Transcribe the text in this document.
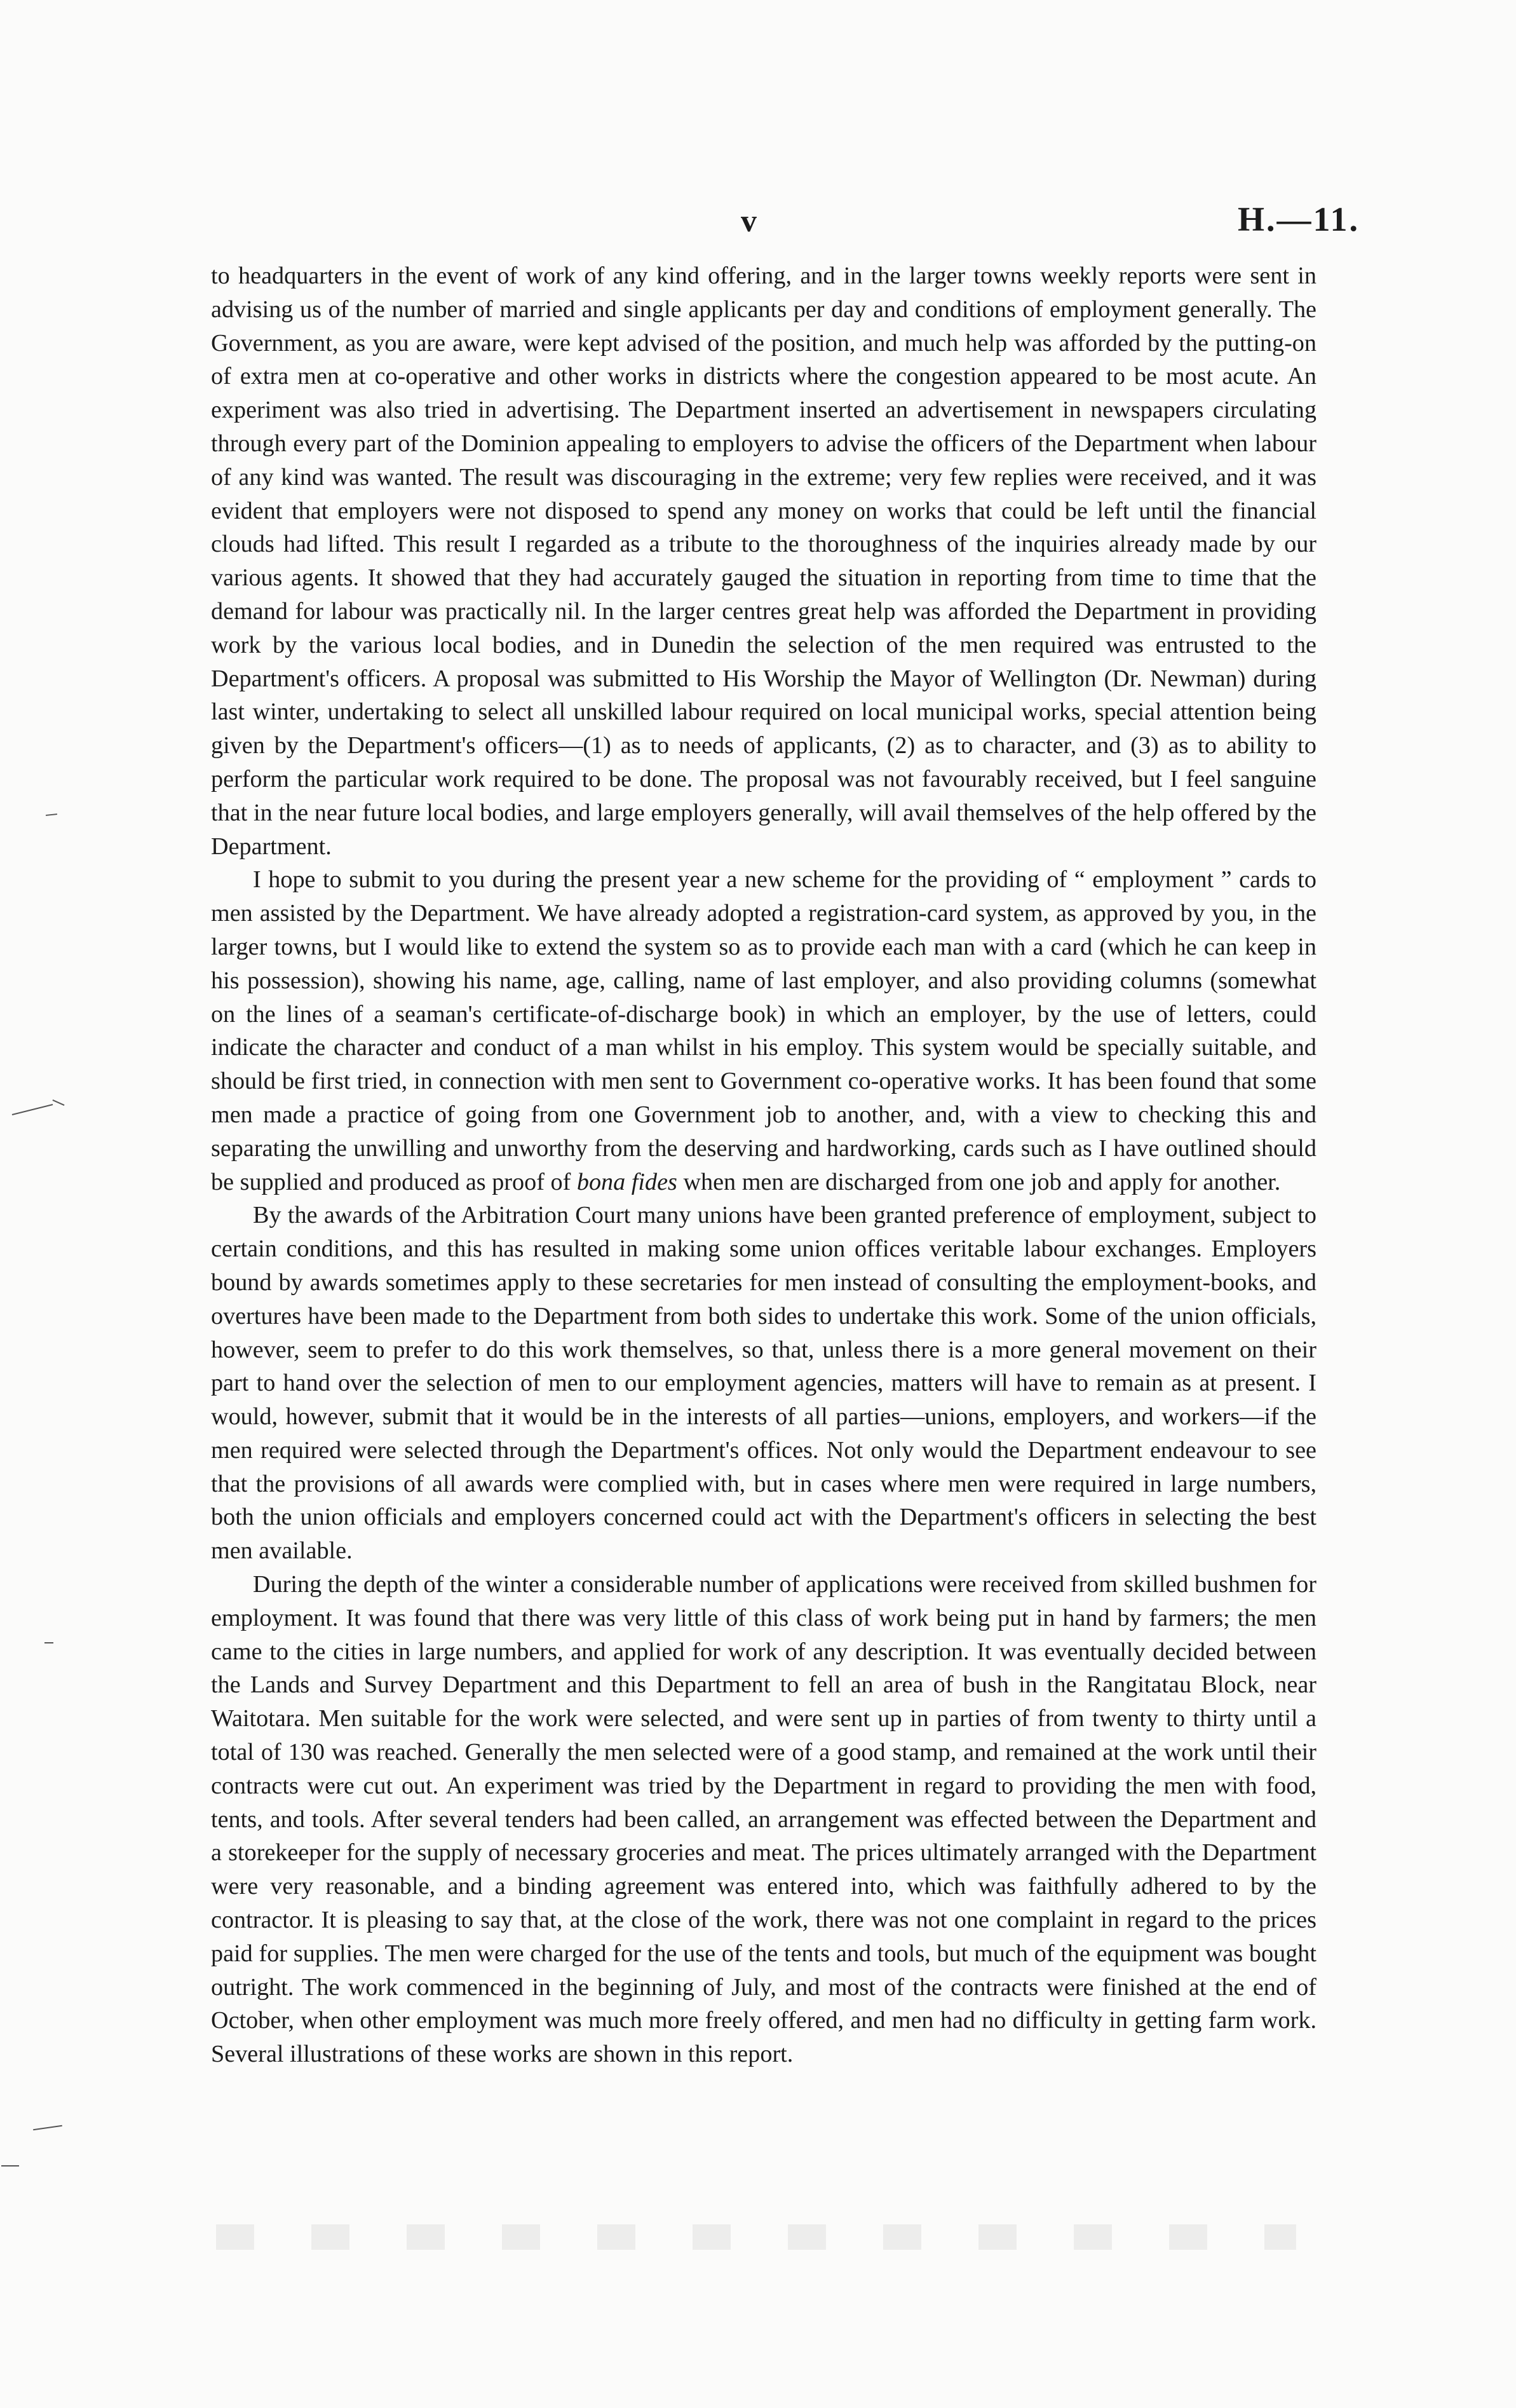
v	H.—11.

to headquarters in the event of work of any kind offering, and in the larger towns weekly reports were sent in advising us of the number of married and single applicants per day and conditions of employment generally. The Government, as you are aware, were kept advised of the position, and much help was afforded by the putting-on of extra men at co-operative and other works in districts where the congestion appeared to be most acute. An experiment was also tried in advertising. The Department inserted an advertisement in newspapers circulating through every part of the Dominion appealing to employers to advise the officers of the Department when labour of any kind was wanted. The result was discouraging in the extreme; very few replies were received, and it was evident that employers were not disposed to spend any money on works that could be left until the financial clouds had lifted. This result I regarded as a tribute to the thoroughness of the inquiries already made by our various agents. It showed that they had accurately gauged the situation in reporting from time to time that the demand for labour was practically nil. In the larger centres great help was afforded the Department in providing work by the various local bodies, and in Dunedin the selection of the men required was entrusted to the Department's officers. A proposal was submitted to His Worship the Mayor of Wellington (Dr. Newman) during last winter, undertaking to select all unskilled labour required on local municipal works, special attention being given by the Department's officers—(1) as to needs of applicants, (2) as to character, and (3) as to ability to perform the particular work required to be done. The proposal was not favourably received, but I feel sanguine that in the near future local bodies, and large employers generally, will avail themselves of the help offered by the Department.

I hope to submit to you during the present year a new scheme for the providing of “ employment ” cards to men assisted by the Department. We have already adopted a registration-card system, as approved by you, in the larger towns, but I would like to extend the system so as to provide each man with a card (which he can keep in his possession), showing his name, age, calling, name of last employer, and also providing columns (somewhat on the lines of a seaman's certificate-of-discharge book) in which an employer, by the use of letters, could indicate the character and conduct of a man whilst in his employ. This system would be specially suitable, and should be first tried, in connection with men sent to Government co-operative works. It has been found that some men made a practice of going from one Government job to another, and, with a view to checking this and separating the unwilling and unworthy from the deserving and hardworking, cards such as I have outlined should be supplied and produced as proof of bona fides when men are discharged from one job and apply for another.

By the awards of the Arbitration Court many unions have been granted preference of employment, subject to certain conditions, and this has resulted in making some union offices veritable labour exchanges. Employers bound by awards sometimes apply to these secretaries for men instead of consulting the employment-books, and overtures have been made to the Department from both sides to undertake this work. Some of the union officials, however, seem to prefer to do this work themselves, so that, unless there is a more general movement on their part to hand over the selection of men to our employment agencies, matters will have to remain as at present. I would, however, submit that it would be in the interests of all parties—unions, employers, and workers—if the men required were selected through the Department's offices. Not only would the Department endeavour to see that the provisions of all awards were complied with, but in cases where men were required in large numbers, both the union officials and employers concerned could act with the Department's officers in selecting the best men available.

During the depth of the winter a considerable number of applications were received from skilled bushmen for employment. It was found that there was very little of this class of work being put in hand by farmers; the men came to the cities in large numbers, and applied for work of any description. It was eventually decided between the Lands and Survey Department and this Department to fell an area of bush in the Rangitatau Block, near Waitotara. Men suitable for the work were selected, and were sent up in parties of from twenty to thirty until a total of 130 was reached. Generally the men selected were of a good stamp, and remained at the work until their contracts were cut out. An experiment was tried by the Department in regard to providing the men with food, tents, and tools. After several tenders had been called, an arrangement was effected between the Department and a storekeeper for the supply of necessary groceries and meat. The prices ultimately arranged with the Department were very reasonable, and a binding agreement was entered into, which was faithfully adhered to by the contractor. It is pleasing to say that, at the close of the work, there was not one complaint in regard to the prices paid for supplies. The men were charged for the use of the tents and tools, but much of the equipment was bought outright. The work commenced in the beginning of July, and most of the contracts were finished at the end of October, when other employment was much more freely offered, and men had no difficulty in getting farm work. Several illustrations of these works are shown in this report.
